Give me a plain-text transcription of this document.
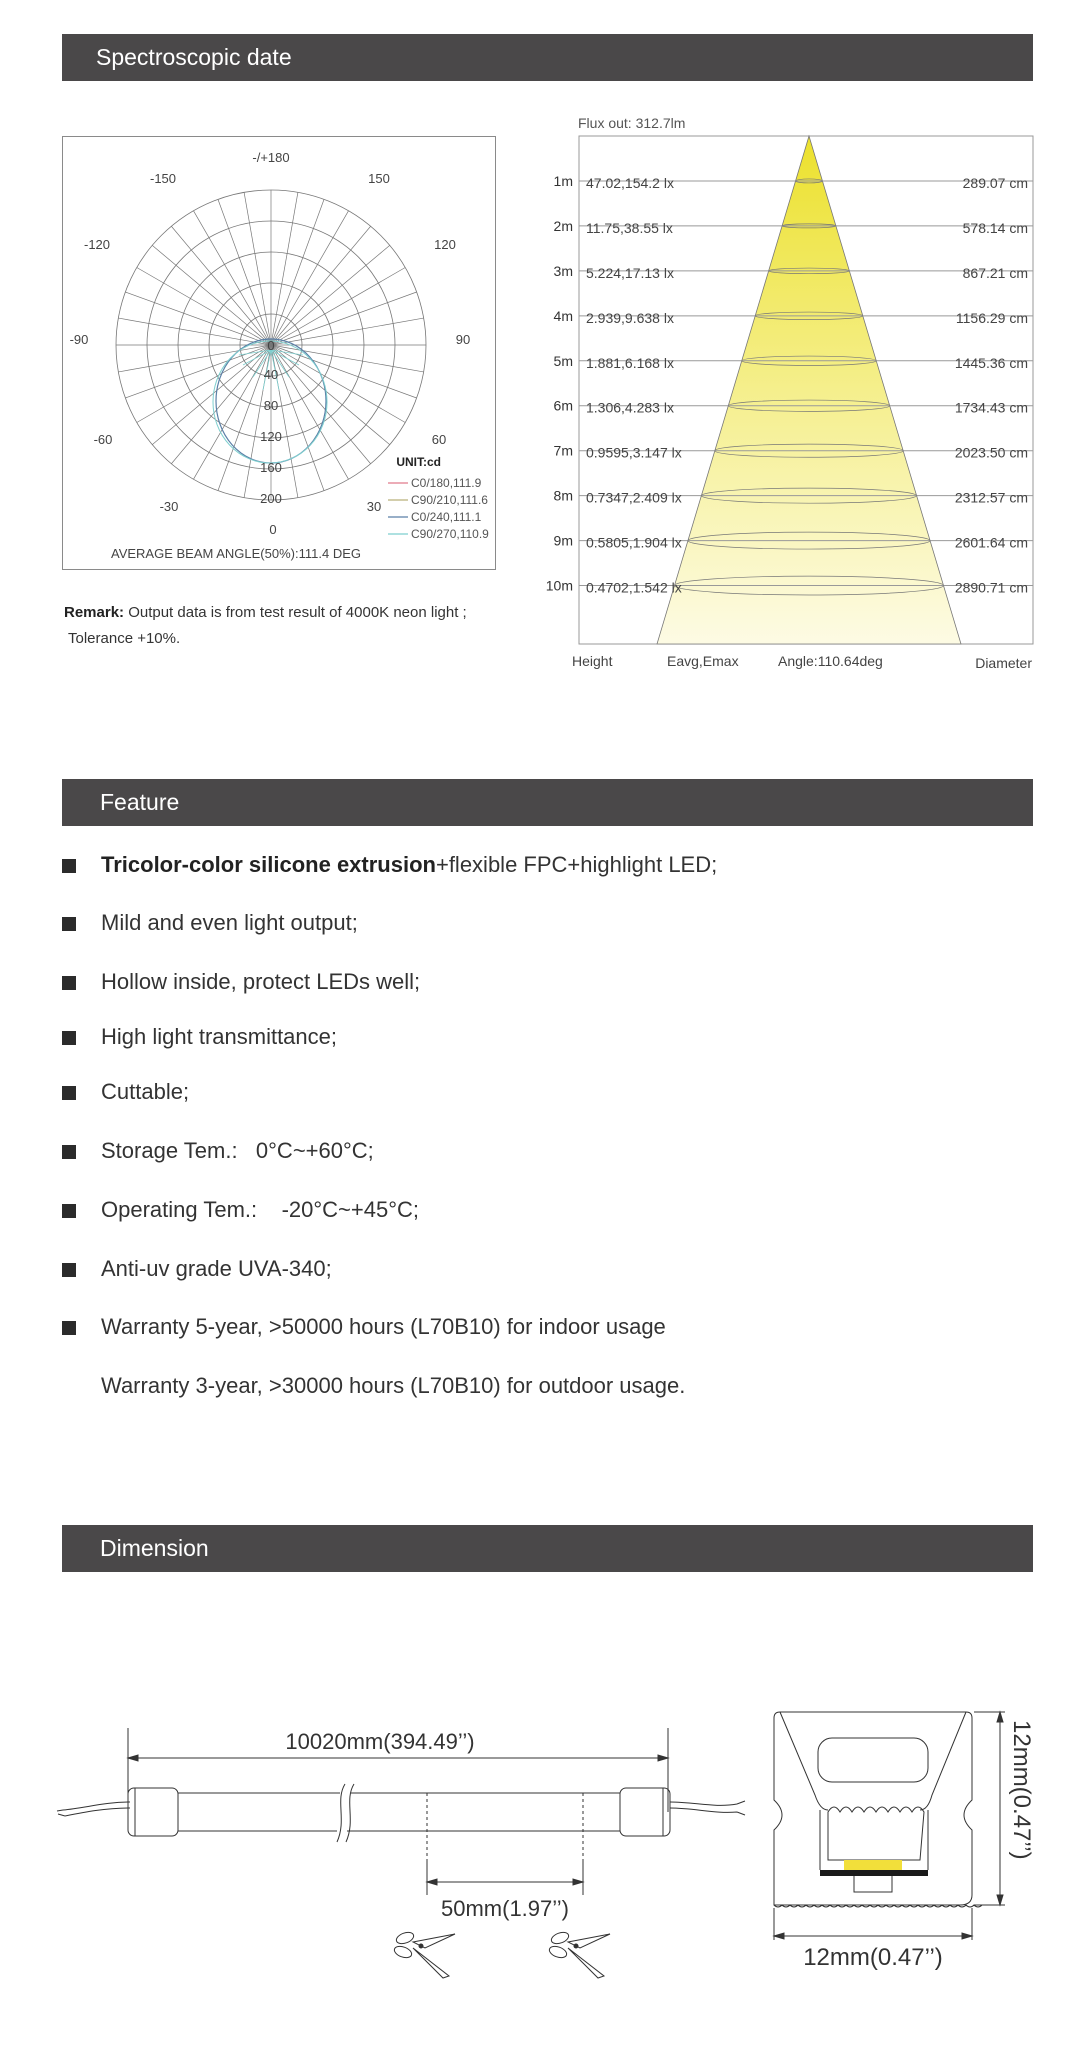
Spectroscopic date
-/+180
-150	150
-120	120
-90	90
-60	60
-30	30
0
0
40
80
120
160
200
UNIT:cd
C0/180,111.9
C90/210,111.6
C0/240,111.1
C90/270,110.9
AVERAGE BEAM ANGLE(50%):111.4 DEG
Remark: Output data is from test result of 4000K neon light ;
Tolerance +10%.
Flux out: 312.7lm
1m 47.02,154.2 lx	289.07 cm
2m 11.75,38.55 lx	578.14 cm
3m 5.224,17.13 lx	867.21 cm
4m 2.939,9.638 lx	1156.29 cm
5m 1.881,6.168 lx	1445.36 cm
6m 1.306,4.283 lx	1734.43 cm
7m 0.9595,3.147 lx	2023.50 cm
8m 0.7347,2.409 lx	2312.57 cm
9m 0.5805,1.904 lx	2601.64 cm
10m 0.4702,1.542 lx	2890.71 cm
Height	Eavg,Emax	Angle:110.64deg	Diameter
Feature
Tricolor-color silicone extrusion+flexible FPC+highlight LED;
Mild and even light output;
Hollow inside, protect LEDs well;
High light transmittance;
Cuttable;
Storage Tem.:   0°C~+60°C;
Operating Tem.:    -20°C~+45°C;
Anti-uv grade UVA-340;
Warranty 5-year, >50000 hours (L70B10) for indoor usage
Warranty 3-year, >30000 hours (L70B10) for outdoor usage.
Dimension
10020mm(394.49’’)
50mm(1.97’’)
12mm(0.47’’)
12mm(0.47’’)
